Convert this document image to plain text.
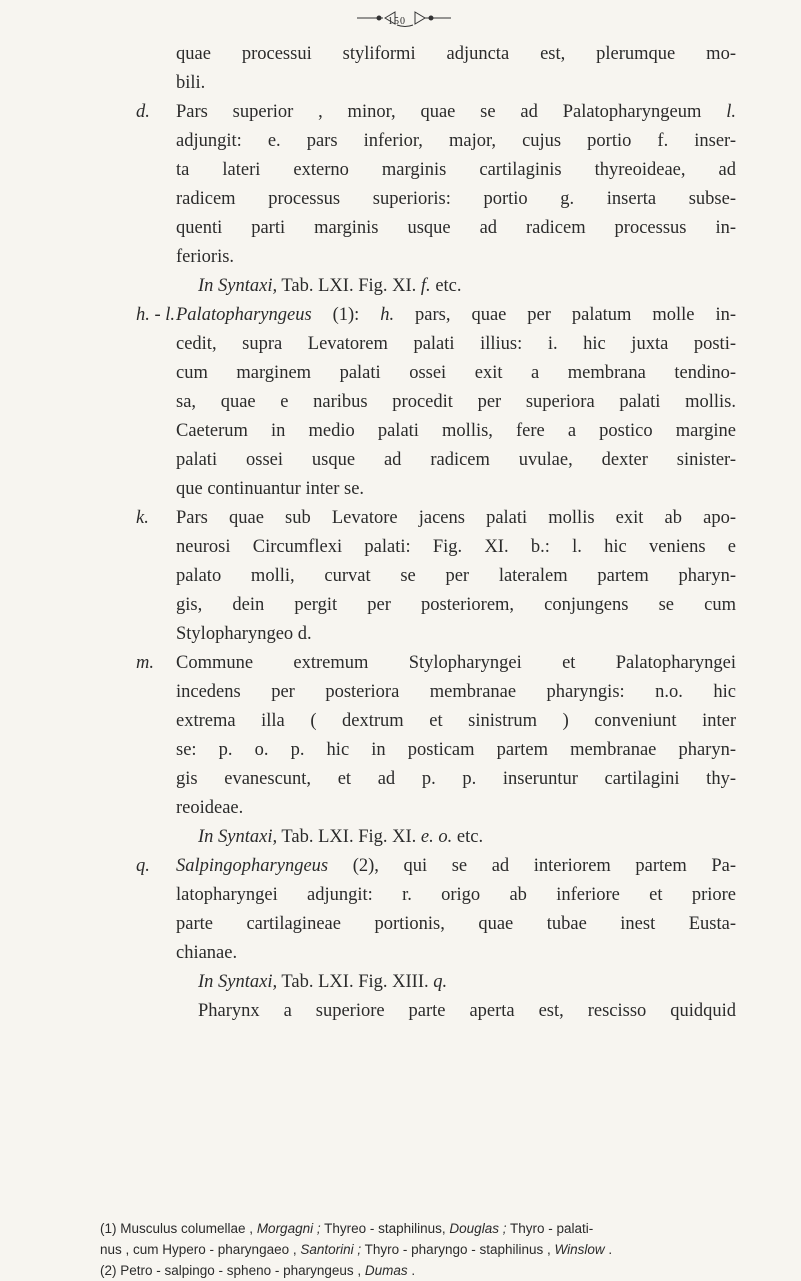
150
quae processui styliformi adjuncta est, plerumque mo-
bili.
d.	Pars superior , minor, quae se ad Palatopharyngeum l.
adjungit: e. pars inferior, major, cujus portio f. inser-
ta lateri externo marginis cartilaginis thyreoideae, ad
radicem processus superioris: portio g. inserta subse-
quenti parti marginis usque ad radicem processus in-
ferioris.
In Syntaxi, Tab. LXI. Fig. XI. f. etc.
h. - l. Palatopharyngeus (1): h. pars, quae per palatum molle in-
cedit, supra Levatorem palati illius: i. hic juxta posti-
cum marginem palati ossei exit a membrana tendino-
sa, quae e naribus procedit per superiora palati mollis.
Caeterum in medio palati mollis, fere a postico margine
palati ossei usque ad radicem uvulae, dexter sinister-
que continuantur inter se.
k.	Pars quae sub Levatore jacens palati mollis exit ab apo-
neurosi Circumflexi palati: Fig. XI. b.: l. hic veniens e
palato molli, curvat se per lateralem partem pharyn-
gis, dein pergit per posteriorem, conjungens se cum
Stylopharyngeo d.
m.	Commune extremum Stylopharyngei et Palatopharyngei
incedens per posteriora membranae pharyngis: n.o. hic
extrema illa ( dextrum et sinistrum ) conveniunt inter
se: p. o. p. hic in posticam partem membranae pharyn-
gis evanescunt, et ad p. p. inseruntur cartilagini thy-
reoideae.
In Syntaxi, Tab. LXI. Fig. XI. e. o. etc.
q.	Salpingopharyngeus (2), qui se ad interiorem partem Pa-
latopharyngei adjungit: r. origo ab inferiore et priore
parte cartilagineae portionis, quae tubae inest Eusta-
chianae.
In Syntaxi, Tab. LXI. Fig. XIII. q.
Pharynx a superiore parte aperta est, rescisso quidquid
(1) Musculus columellae , Morgagni ; Thyreo - staphilinus, Douglas ; Thyro - palati-
nus , cum Hypero - pharyngaeo , Santorini ; Thyro - pharyngo - staphilinus , Winslow .
(2) Petro - salpingo - spheno - pharyngeus , Dumas .
